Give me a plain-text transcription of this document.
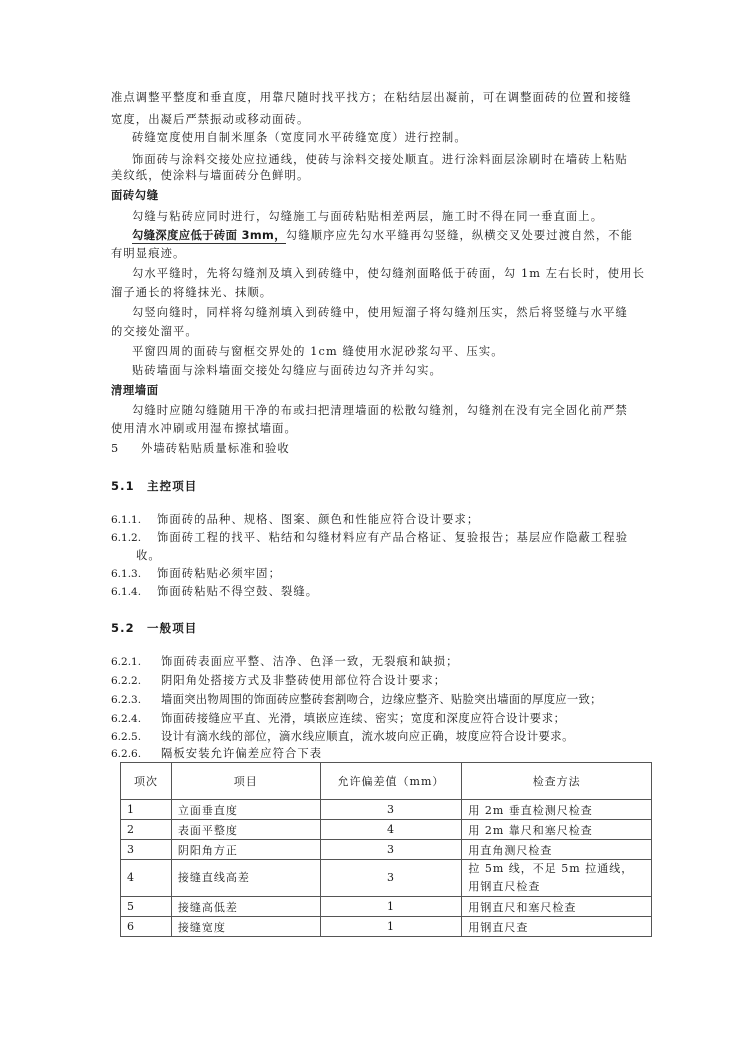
准点调整平整度和垂直度，用靠尺随时找平找方；在粘结层出凝前，可在调整面砖的位置和接缝
宽度，出凝后严禁振动或移动面砖。
砖缝宽度使用自制米厘条（宽度同水平砖缝宽度）进行控制。
饰面砖与涂料交接处应拉通线，使砖与涂料交接处顺直。进行涂料面层涂刷时在墙砖上粘贴
美纹纸，使涂料与墙面砖分色鲜明。
面砖勾缝
勾缝与粘砖应同时进行，勾缝施工与面砖粘贴相差两层，施工时不得在同一垂直面上。
勾缝深度应低于砖面 3mm，勾缝顺序应先勾水平缝再勾竖缝，纵横交叉处要过渡自然，不能
有明显痕迹。
勾水平缝时，先将勾缝剂及填入到砖缝中，使勾缝剂面略低于砖面，勾 1m 左右长时，使用长
溜子通长的将缝抹光、抹顺。
勾竖向缝时，同样将勾缝剂填入到砖缝中，使用短溜子将勾缝剂压实，然后将竖缝与水平缝
的交接处溜平。
平窗四周的面砖与窗框交界处的 1cm 缝使用水泥砂浆勾平、压实。
贴砖墙面与涂料墙面交接处勾缝应与面砖边勾齐并勾实。
清理墙面
勾缝时应随勾缝随用干净的布或扫把清理墙面的松散勾缝剂，勾缝剂在没有完全固化前严禁
使用清水冲刷或用湿布擦拭墙面。
5 外墙砖粘贴质量标准和验收
5.1 主控项目
6.1.1. 饰面砖的品种、规格、图案、颜色和性能应符合设计要求；
6.1.2. 饰面砖工程的找平、粘结和勾缝材料应有产品合格证、复验报告；基层应作隐蔽工程验
收。
6.1.3. 饰面砖粘贴必须牢固；
6.1.4. 饰面砖粘贴不得空鼓、裂缝。
5.2 一般项目
6.2.1. 饰面砖表面应平整、洁净、色泽一致，无裂痕和缺损；
6.2.2. 阴阳角处搭接方式及非整砖使用部位符合设计要求；
6.2.3. 墙面突出物周围的饰面砖应整砖套割吻合，边缘应整齐、贴脸突出墙面的厚度应一致；
6.2.4. 饰面砖接缝应平直、光滑，填嵌应连续、密实；宽度和深度应符合设计要求；
6.2.5. 设计有滴水线的部位，滴水线应顺直，流水坡向应正确，坡度应符合设计要求。
6.2.6. 隔板安装允许偏差应符合下表
项次	项目	允许偏差值（mm）	检查方法
1	立面垂直度	3	用 2m 垂直检测尺检查
2	表面平整度	4	用 2m 靠尺和塞尺检查
3	阴阳角方正	3	用直角测尺检查
4	接缝直线高差	3	拉 5m 线，不足 5m 拉通线，
用钢直尺检查

5	接缝高低差	1	用钢直尺和塞尺检查
6	接缝宽度	1	用钢直尺查
